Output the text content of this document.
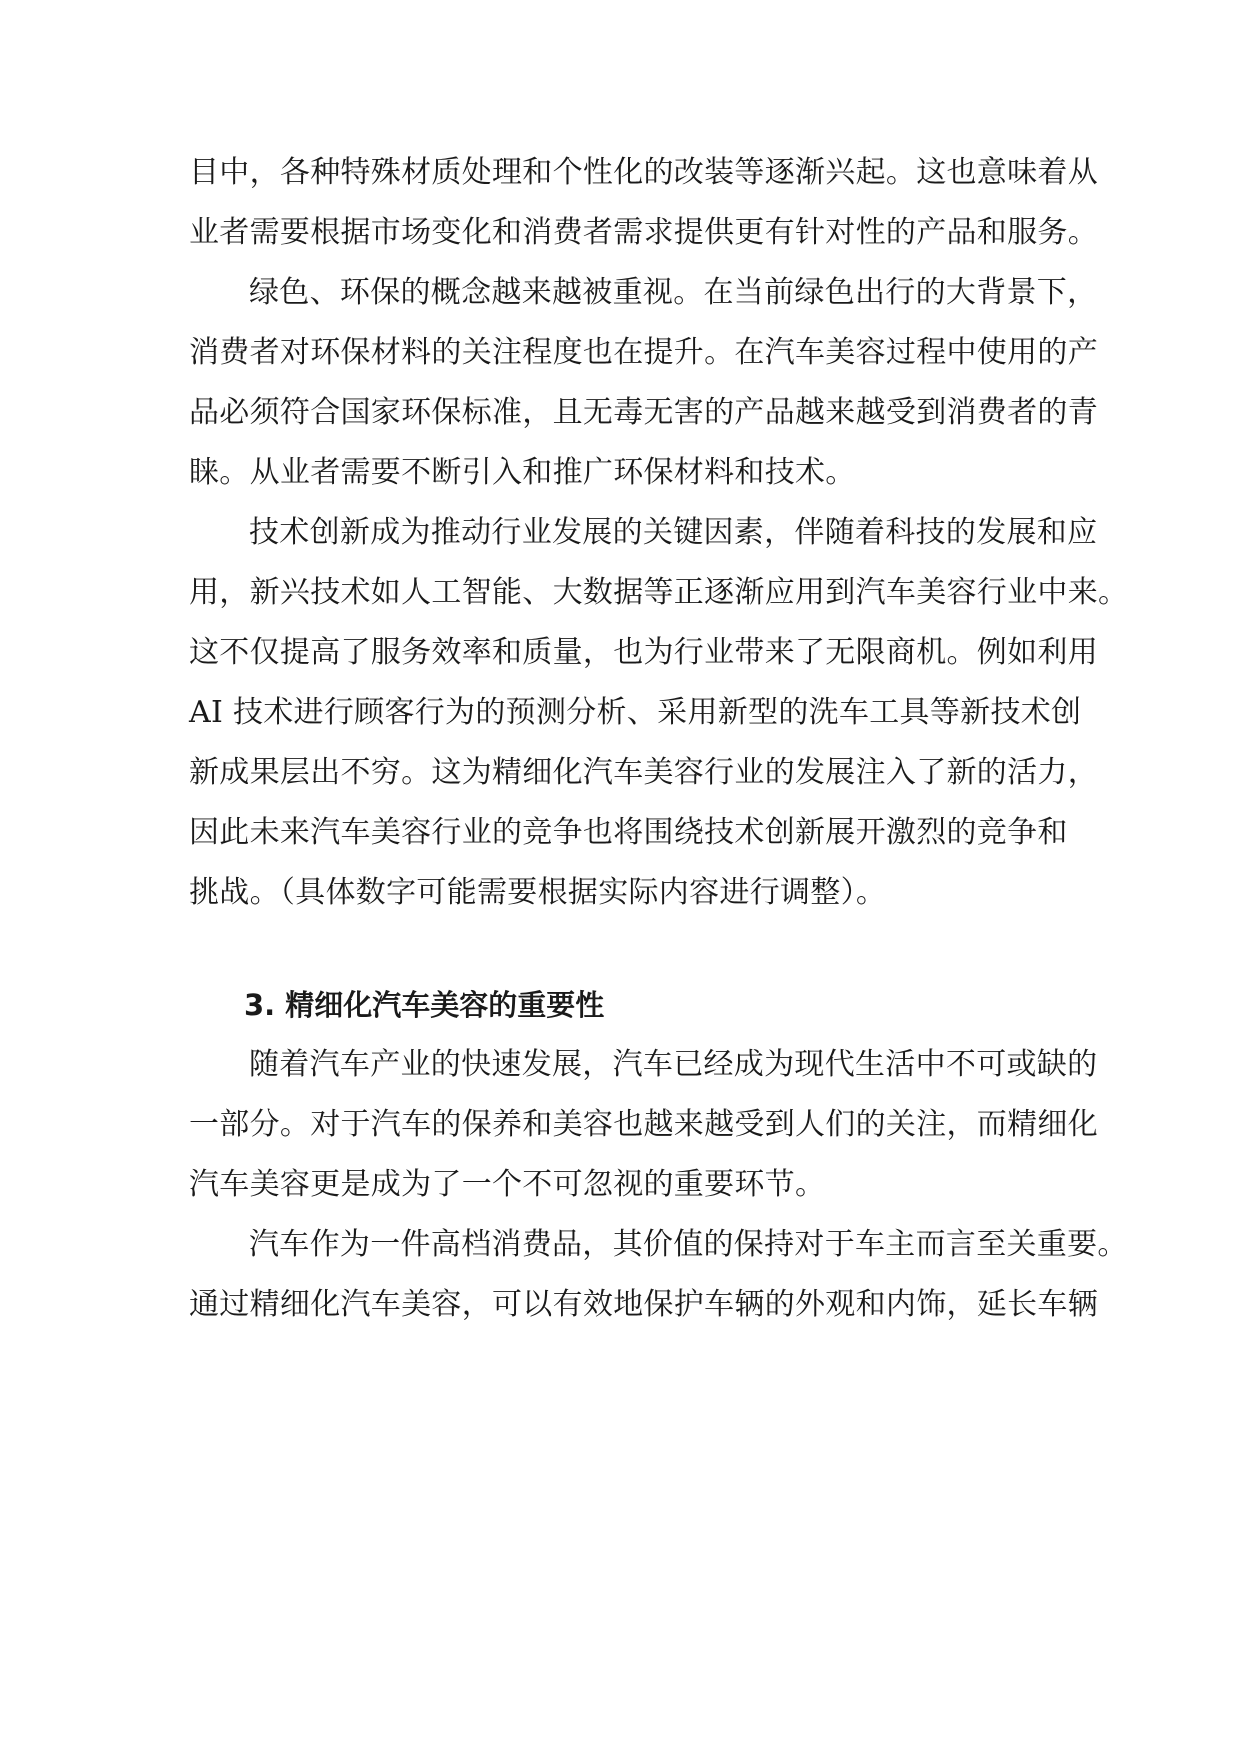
目中，各种特殊材质处理和个性化的改装等逐渐兴起。这也意味着从
业者需要根据市场变化和消费者需求提供更有针对性的产品和服务。
绿色、环保的概念越来越被重视。在当前绿色出行的大背景下，
消费者对环保材料的关注程度也在提升。在汽车美容过程中使用的产
品必须符合国家环保标准，且无毒无害的产品越来越受到消费者的青
睐。从业者需要不断引入和推广环保材料和技术。
技术创新成为推动行业发展的关键因素，伴随着科技的发展和应
用，新兴技术如人工智能、大数据等正逐渐应用到汽车美容行业中来。
这不仅提高了服务效率和质量，也为行业带来了无限商机。例如利用
AI 技术进行顾客行为的预测分析、采用新型的洗车工具等新技术创
新成果层出不穷。这为精细化汽车美容行业的发展注入了新的活力，
因此未来汽车美容行业的竞争也将围绕技术创新展开激烈的竞争和
挑战。（具体数字可能需要根据实际内容进行调整）。
3. 精细化汽车美容的重要性
随着汽车产业的快速发展，汽车已经成为现代生活中不可或缺的
一部分。对于汽车的保养和美容也越来越受到人们的关注，而精细化
汽车美容更是成为了一个不可忽视的重要环节。
汽车作为一件高档消费品，其价值的保持对于车主而言至关重要。
通过精细化汽车美容，可以有效地保护车辆的外观和内饰，延长车辆
